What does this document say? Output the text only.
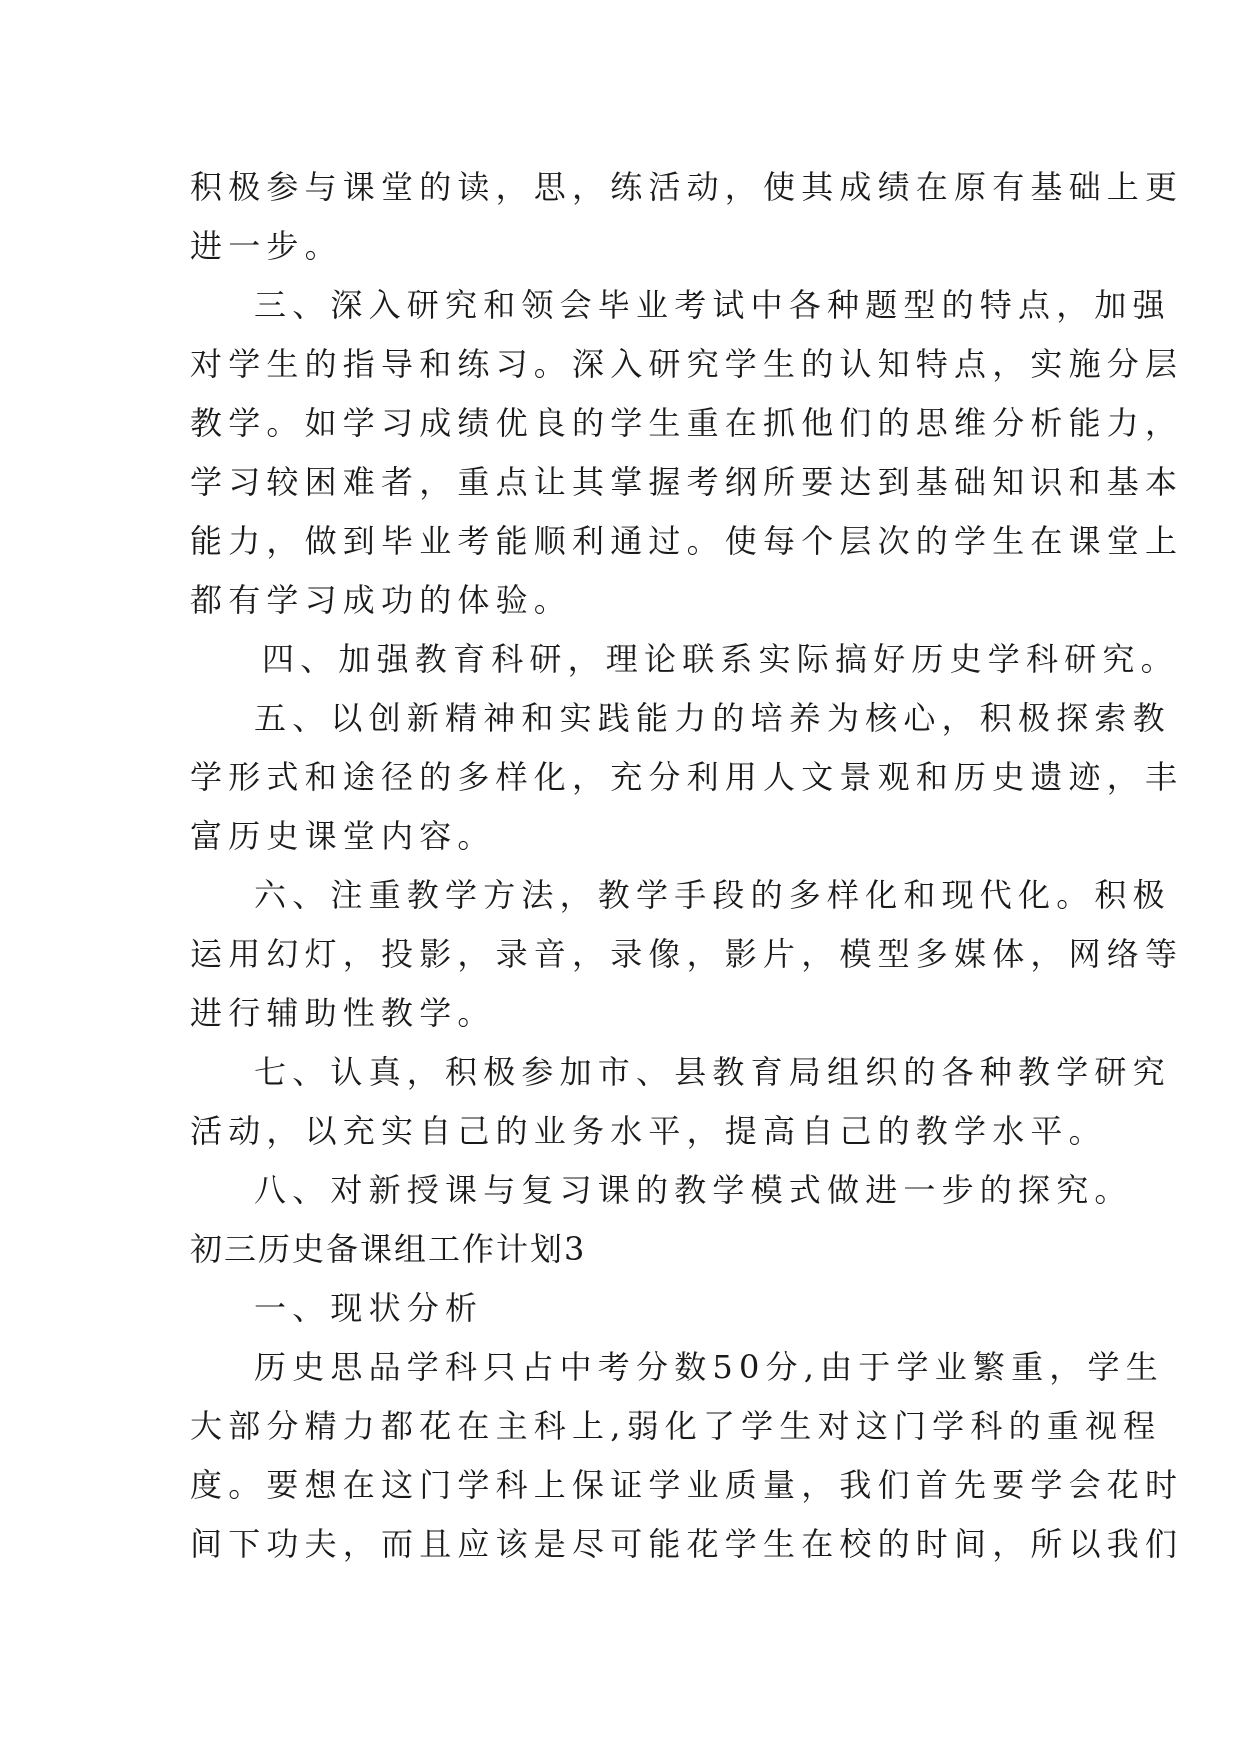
积极参与课堂的读，思，练活动，使其成绩在原有基础上更
进一步。
三、深入研究和领会毕业考试中各种题型的特点，加强
对学生的指导和练习。深入研究学生的认知特点，实施分层
教学。如学习成绩优良的学生重在抓他们的思维分析能力，
学习较困难者，重点让其掌握考纲所要达到基础知识和基本
能力，做到毕业考能顺利通过。使每个层次的学生在课堂上
都有学习成功的体验。
四、加强教育科研，理论联系实际搞好历史学科研究。
五、以创新精神和实践能力的培养为核心，积极探索教
学形式和途径的多样化，充分利用人文景观和历史遗迹，丰
富历史课堂内容。
六、注重教学方法，教学手段的多样化和现代化。积极
运用幻灯，投影，录音，录像，影片，模型多媒体，网络等
进行辅助性教学。
七、认真，积极参加市、县教育局组织的各种教学研究
活动，以充实自己的业务水平，提高自己的教学水平。
八、对新授课与复习课的教学模式做进一步的探究。
初三历史备课组工作计划3
一、现状分析
历史思品学科只占中考分数50分,由于学业繁重，学生
大部分精力都花在主科上,弱化了学生对这门学科的重视程
度。要想在这门学科上保证学业质量，我们首先要学会花时
间下功夫，而且应该是尽可能花学生在校的时间，所以我们
